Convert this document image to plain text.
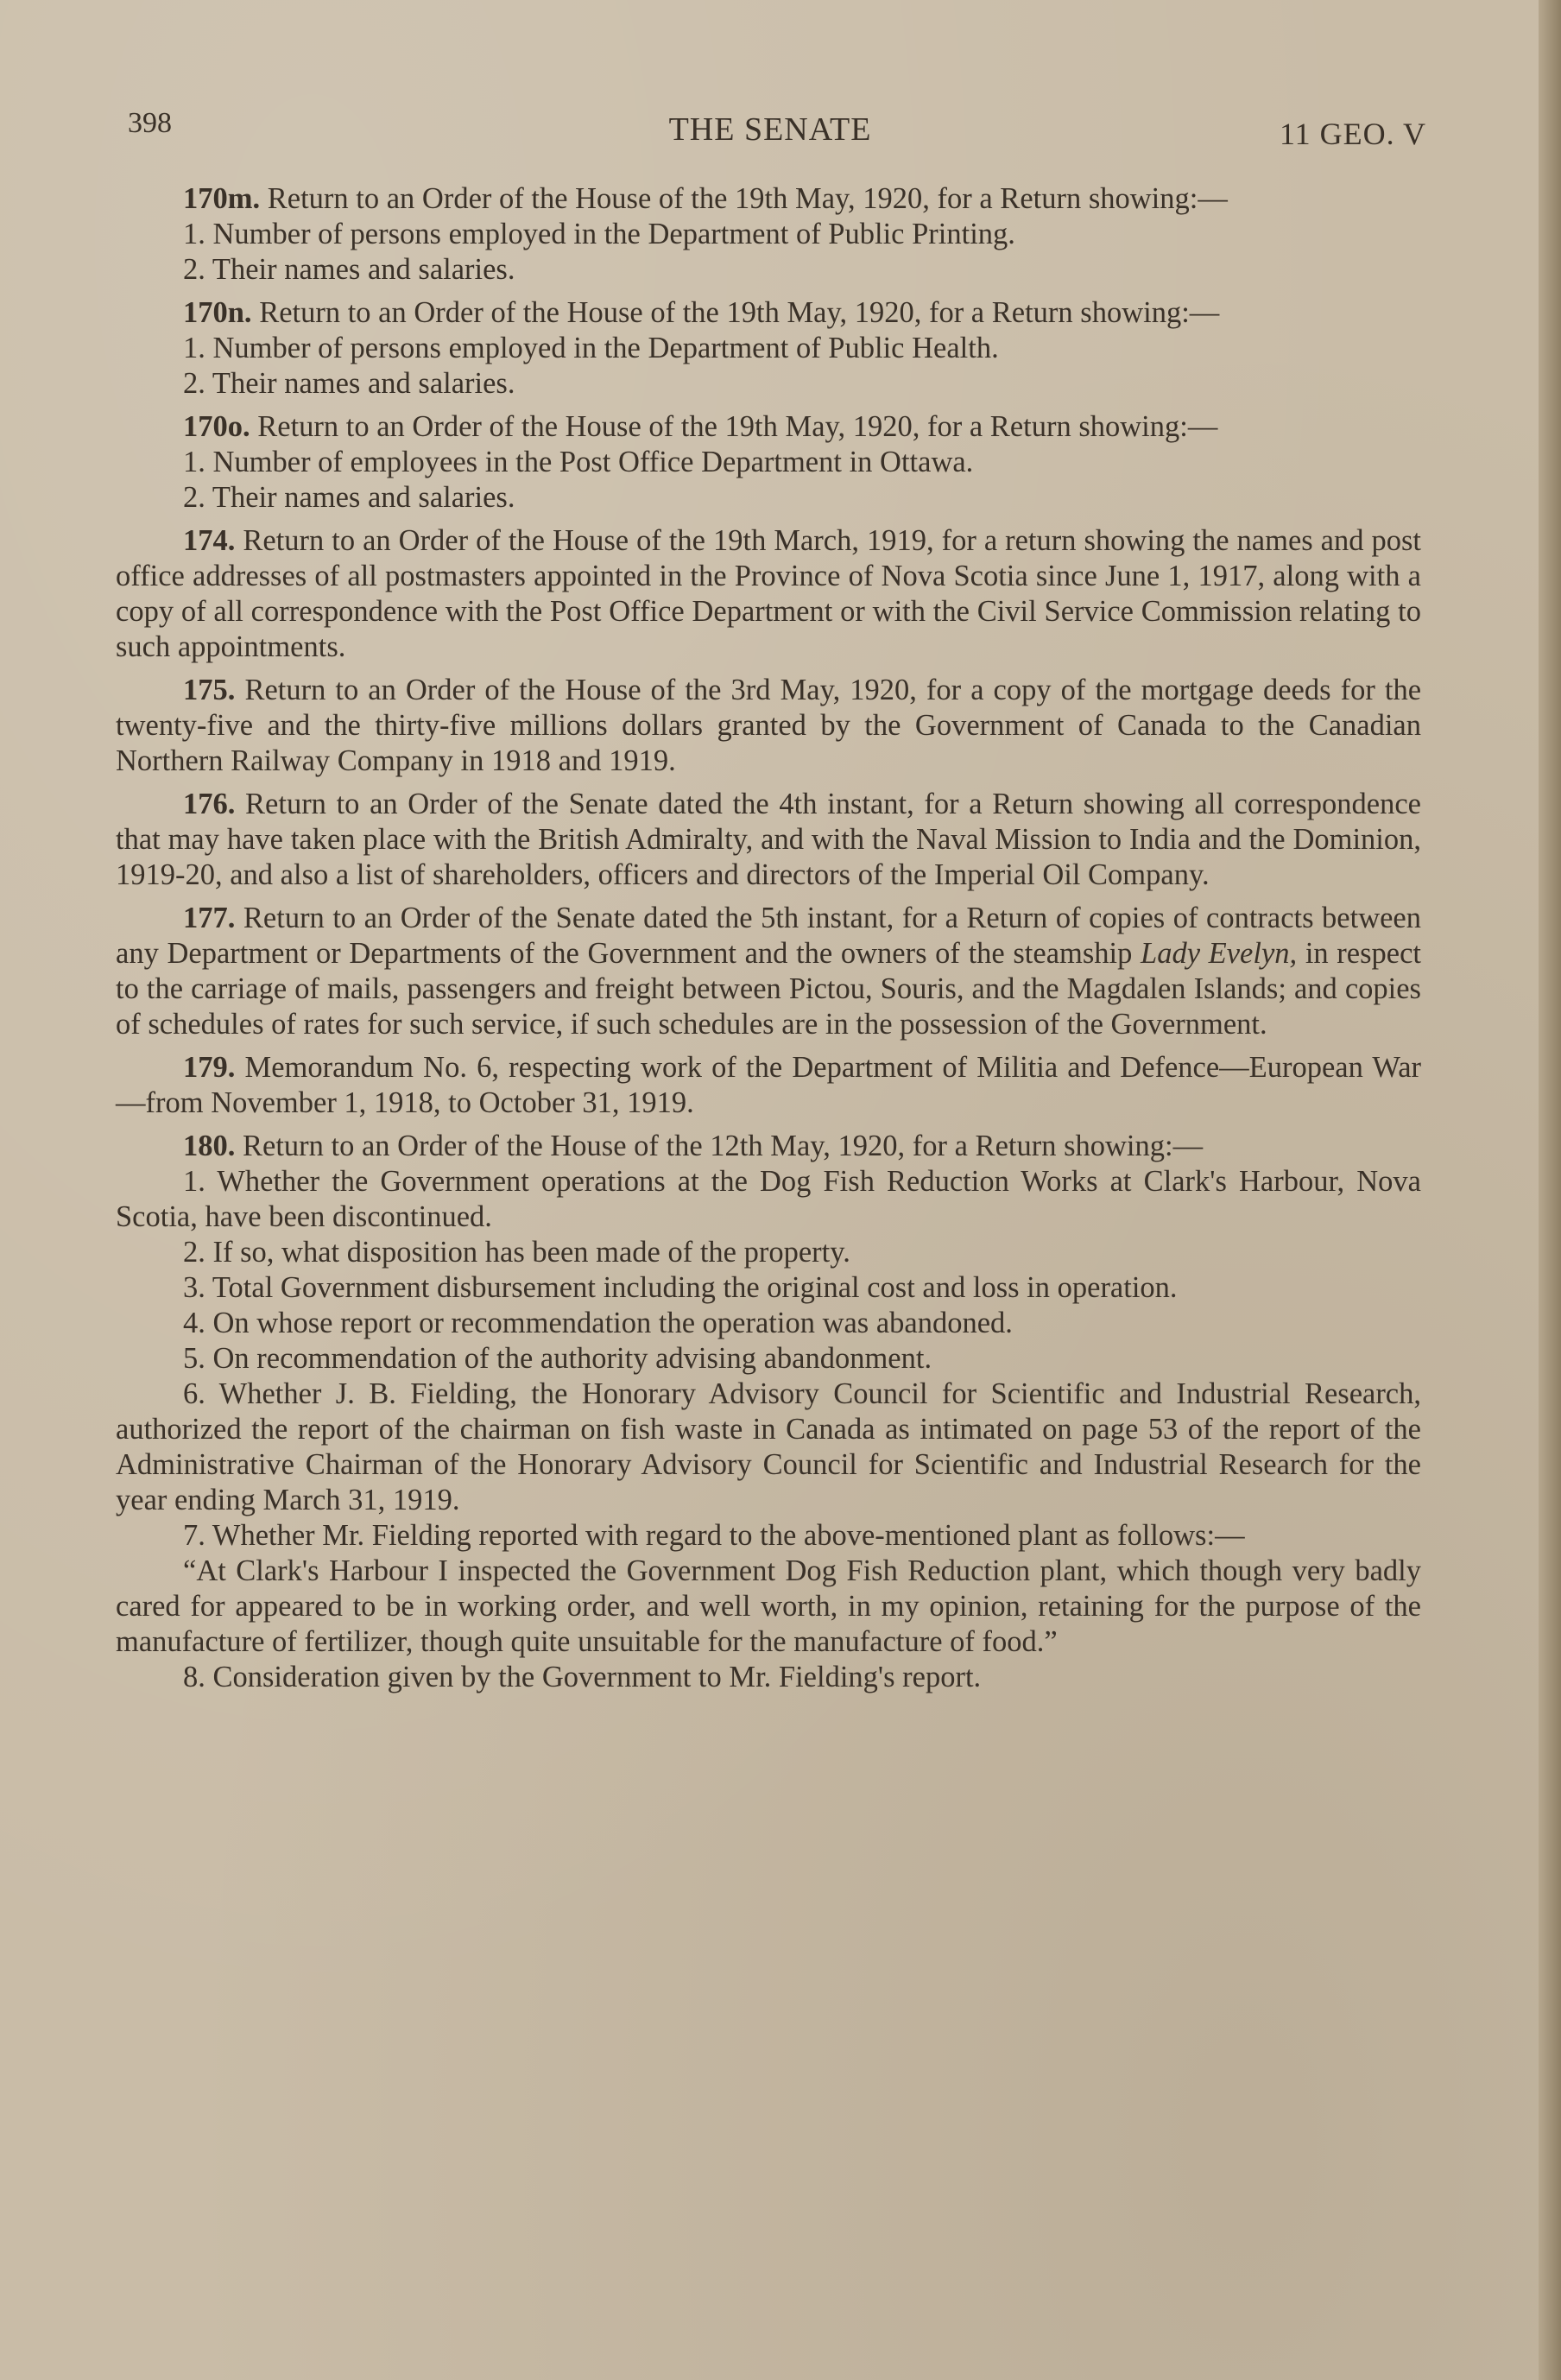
398	THE SENATE	11 GEO. V

170m. Return to an Order of the House of the 19th May, 1920, for a Return showing:—

1. Number of persons employed in the Department of Public Printing.

2. Their names and salaries.

170n. Return to an Order of the House of the 19th May, 1920, for a Return showing:—

1. Number of persons employed in the Department of Public Health.

2. Their names and salaries.

170o. Return to an Order of the House of the 19th May, 1920, for a Return showing:—

1. Number of employees in the Post Office Department in Ottawa.

2. Their names and salaries.

174. Return to an Order of the House of the 19th March, 1919, for a return showing the names and post office addresses of all postmasters appointed in the Province of Nova Scotia since June 1, 1917, along with a copy of all correspondence with the Post Office Department or with the Civil Service Commission relating to such appointments.

175. Return to an Order of the House of the 3rd May, 1920, for a copy of the mortgage deeds for the twenty-five and the thirty-five millions dollars granted by the Government of Canada to the Canadian Northern Railway Company in 1918 and 1919.

176. Return to an Order of the Senate dated the 4th instant, for a Return showing all correspondence that may have taken place with the British Admiralty, and with the Naval Mission to India and the Dominion, 1919-20, and also a list of shareholders, officers and directors of the Imperial Oil Company.

177. Return to an Order of the Senate dated the 5th instant, for a Return of copies of contracts between any Department or Departments of the Government and the owners of the steamship Lady Evelyn, in respect to the carriage of mails, passengers and freight between Pictou, Souris, and the Magdalen Islands; and copies of schedules of rates for such service, if such schedules are in the possession of the Government.

179. Memorandum No. 6, respecting work of the Department of Militia and Defence—European War—from November 1, 1918, to October 31, 1919.

180. Return to an Order of the House of the 12th May, 1920, for a Return showing:—

1. Whether the Government operations at the Dog Fish Reduction Works at Clark's Harbour, Nova Scotia, have been discontinued.

2. If so, what disposition has been made of the property.

3. Total Government disbursement including the original cost and loss in operation.

4. On whose report or recommendation the operation was abandoned.

5. On recommendation of the authority advising abandonment.

6. Whether J. B. Fielding, the Honorary Advisory Council for Scientific and Industrial Research, authorized the report of the chairman on fish waste in Canada as intimated on page 53 of the report of the Administrative Chairman of the Honorary Advisory Council for Scientific and Industrial Research for the year ending March 31, 1919.

7. Whether Mr. Fielding reported with regard to the above-mentioned plant as follows:—

“At Clark's Harbour I inspected the Government Dog Fish Reduction plant, which though very badly cared for appeared to be in working order, and well worth, in my opinion, retaining for the purpose of the manufacture of fertilizer, though quite unsuitable for the manufacture of food.”

8. Consideration given by the Government to Mr. Fielding's report.
